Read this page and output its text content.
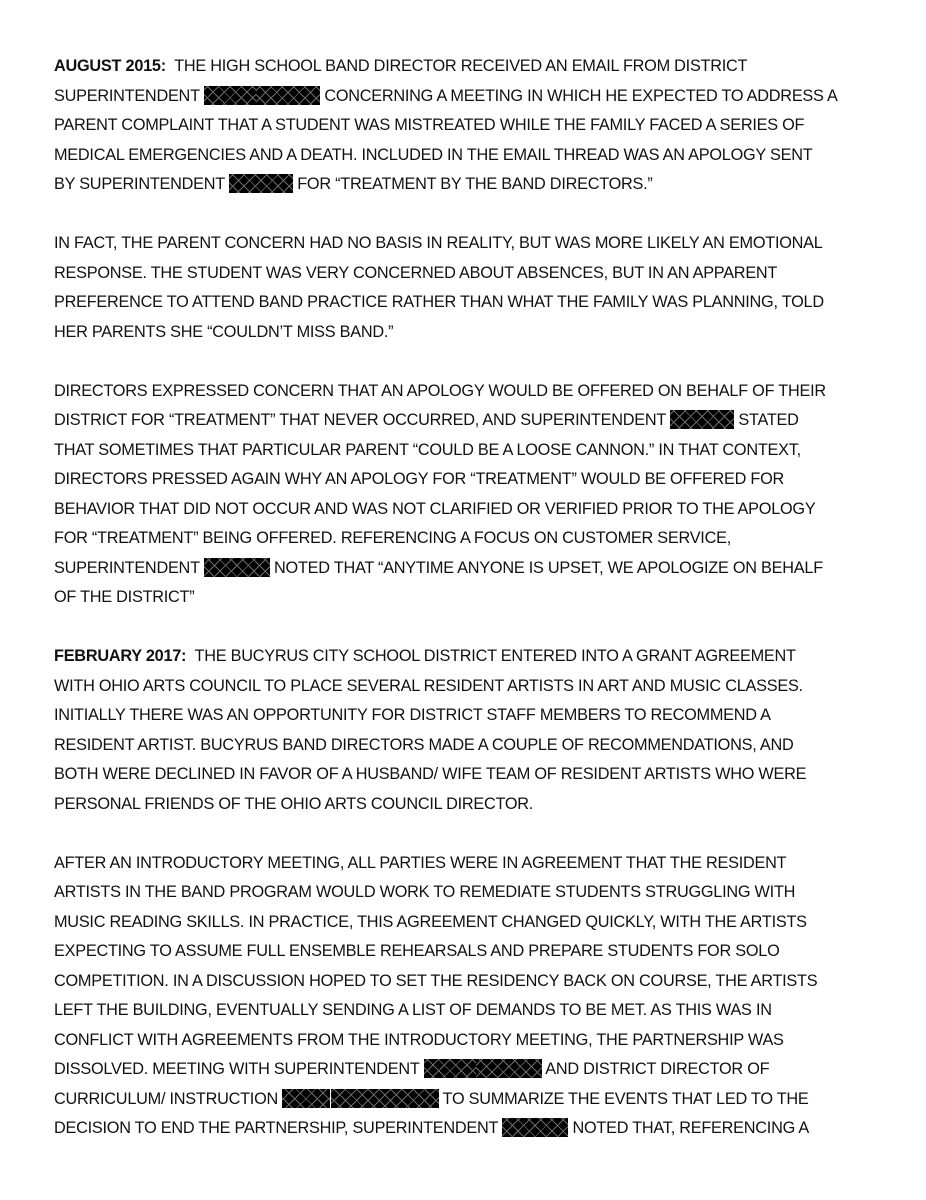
AUGUST 2015: THE HIGH SCHOOL BAND DIRECTOR RECEIVED AN EMAIL FROM DISTRICT
SUPERINTENDENT	CONCERNING A MEETING IN WHICH HE EXPECTED TO ADDRESS A
PARENT COMPLAINT THAT A STUDENT WAS MISTREATED WHILE THE FAMILY FACED A SERIES OF
MEDICAL EMERGENCIES AND A DEATH. INCLUDED IN THE EMAIL THREAD WAS AN APOLOGY SENT
BY SUPERINTENDENT	FOR “TREATMENT BY THE BAND DIRECTORS.”
IN FACT, THE PARENT CONCERN HAD NO BASIS IN REALITY, BUT WAS MORE LIKELY AN EMOTIONAL
RESPONSE. THE STUDENT WAS VERY CONCERNED ABOUT ABSENCES, BUT IN AN APPARENT
PREFERENCE TO ATTEND BAND PRACTICE RATHER THAN WHAT THE FAMILY WAS PLANNING, TOLD
HER PARENTS SHE “COULDN’T MISS BAND.”
DIRECTORS EXPRESSED CONCERN THAT AN APOLOGY WOULD BE OFFERED ON BEHALF OF THEIR
DISTRICT FOR “TREATMENT” THAT NEVER OCCURRED, AND SUPERINTENDENT	STATED
THAT SOMETIMES THAT PARTICULAR PARENT “COULD BE A LOOSE CANNON.” IN THAT CONTEXT,
DIRECTORS PRESSED AGAIN WHY AN APOLOGY FOR “TREATMENT” WOULD BE OFFERED FOR
BEHAVIOR THAT DID NOT OCCUR AND WAS NOT CLARIFIED OR VERIFIED PRIOR TO THE APOLOGY
FOR “TREATMENT” BEING OFFERED. REFERENCING A FOCUS ON CUSTOMER SERVICE,
SUPERINTENDENT	NOTED THAT “ANYTIME ANYONE IS UPSET, WE APOLOGIZE ON BEHALF
OF THE DISTRICT”
FEBRUARY 2017: THE BUCYRUS CITY SCHOOL DISTRICT ENTERED INTO A GRANT AGREEMENT
WITH OHIO ARTS COUNCIL TO PLACE SEVERAL RESIDENT ARTISTS IN ART AND MUSIC CLASSES.
INITIALLY THERE WAS AN OPPORTUNITY FOR DISTRICT STAFF MEMBERS TO RECOMMEND A
RESIDENT ARTIST. BUCYRUS BAND DIRECTORS MADE A COUPLE OF RECOMMENDATIONS, AND
BOTH WERE DECLINED IN FAVOR OF A HUSBAND/ WIFE TEAM OF RESIDENT ARTISTS WHO WERE
PERSONAL FRIENDS OF THE OHIO ARTS COUNCIL DIRECTOR.
AFTER AN INTRODUCTORY MEETING, ALL PARTIES WERE IN AGREEMENT THAT THE RESIDENT
ARTISTS IN THE BAND PROGRAM WOULD WORK TO REMEDIATE STUDENTS STRUGGLING WITH
MUSIC READING SKILLS. IN PRACTICE, THIS AGREEMENT CHANGED QUICKLY, WITH THE ARTISTS
EXPECTING TO ASSUME FULL ENSEMBLE REHEARSALS AND PREPARE STUDENTS FOR SOLO
COMPETITION. IN A DISCUSSION HOPED TO SET THE RESIDENCY BACK ON COURSE, THE ARTISTS
LEFT THE BUILDING, EVENTUALLY SENDING A LIST OF DEMANDS TO BE MET. AS THIS WAS IN
CONFLICT WITH AGREEMENTS FROM THE INTRODUCTORY MEETING, THE PARTNERSHIP WAS
DISSOLVED. MEETING WITH SUPERINTENDENT	AND DISTRICT DIRECTOR OF
CURRICULUM/ INSTRUCTION	TO SUMMARIZE THE EVENTS THAT LED TO THE
DECISION TO END THE PARTNERSHIP, SUPERINTENDENT	NOTED THAT, REFERENCING A
